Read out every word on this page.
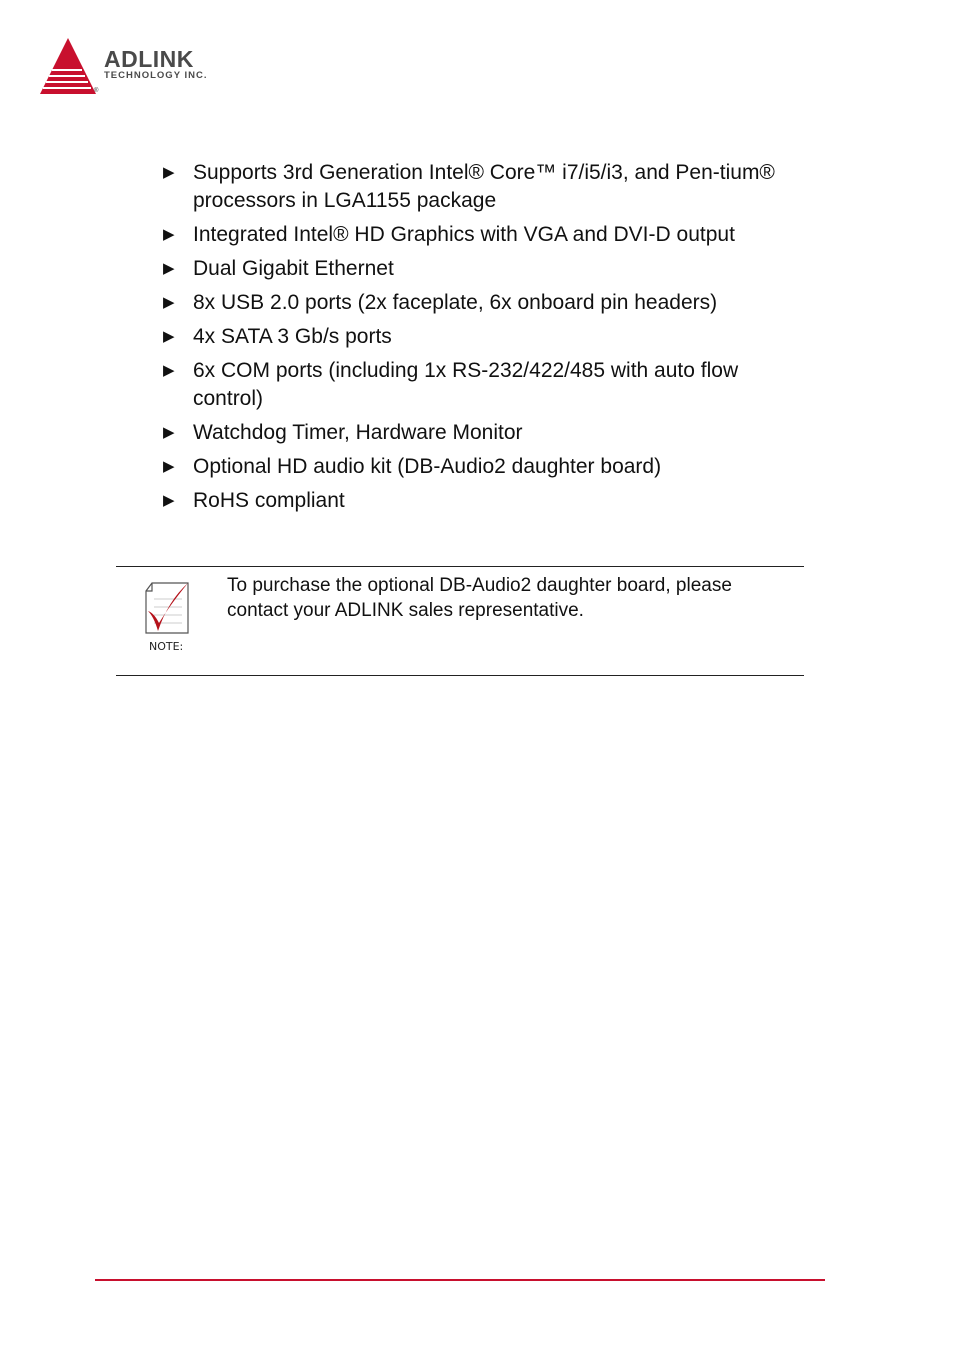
®
ADLINK
TECHNOLOGY INC.
▶ Supports 3rd Generation Intel® Core™ i7/i5/i3, and Pen-tium® processors in LGA1155 package
▶ Integrated Intel® HD Graphics with VGA and DVI-D output
▶ Dual Gigabit Ethernet
▶ 8x USB 2.0 ports (2x faceplate, 6x onboard pin headers)
▶ 4x SATA 3 Gb/s ports
▶ 6x COM ports (including 1x RS-232/422/485 with auto flow control)
▶ Watchdog Timer, Hardware Monitor
▶ Optional HD audio kit (DB-Audio2 daughter board)
▶ RoHS compliant
NOTE:
To purchase the optional DB-Audio2 daughter board, please contact your ADLINK sales representative.
